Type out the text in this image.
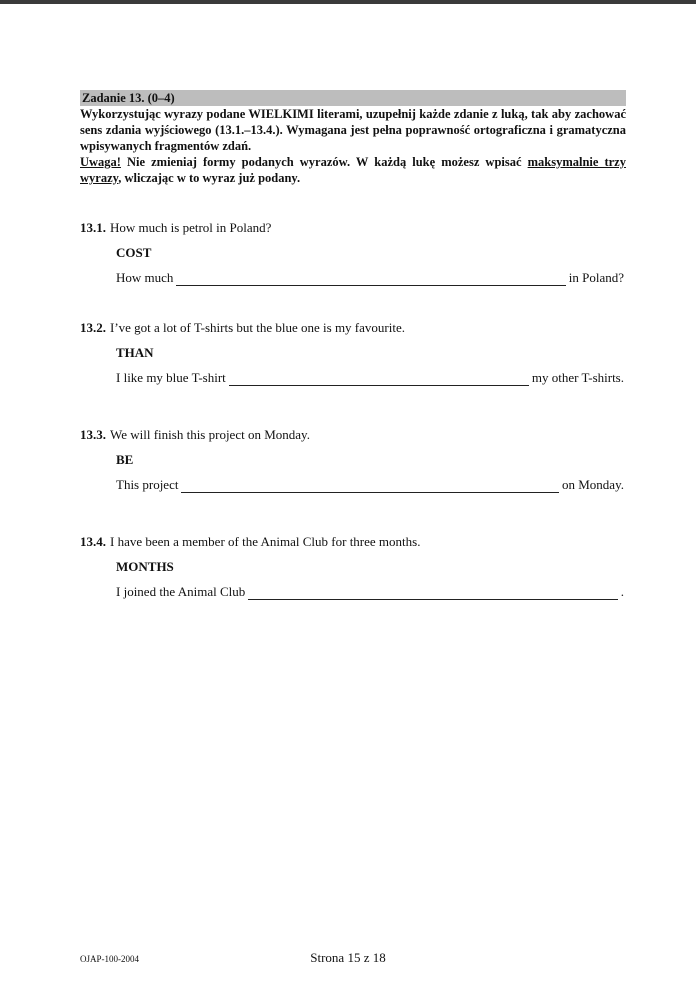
Zadanie 13. (0–4)

Wykorzystując wyrazy podane WIELKIMI literami, uzupełnij każde zdanie z luką, tak aby zachować sens zdania wyjściowego (13.1.–13.4.). Wymagana jest pełna poprawność ortograficzna i gramatyczna wpisywanych fragmentów zdań.

Uwaga! Nie zmieniaj formy podanych wyrazów. W każdą lukę możesz wpisać maksymalnie trzy wyrazy, wliczając w to wyraz już podany.

13.1. How much is petrol in Poland?
COST
How much	in Poland?
13.2. I’ve got a lot of T-shirts but the blue one is my favourite.
THAN
I like my blue T-shirt	my other T-shirts.
13.3. We will finish this project on Monday.
BE
This project	on Monday.
13.4. I have been a member of the Animal Club for three months.
MONTHS
I joined the Animal Club	.
OJAP-100-2004	Strona 15 z 18
